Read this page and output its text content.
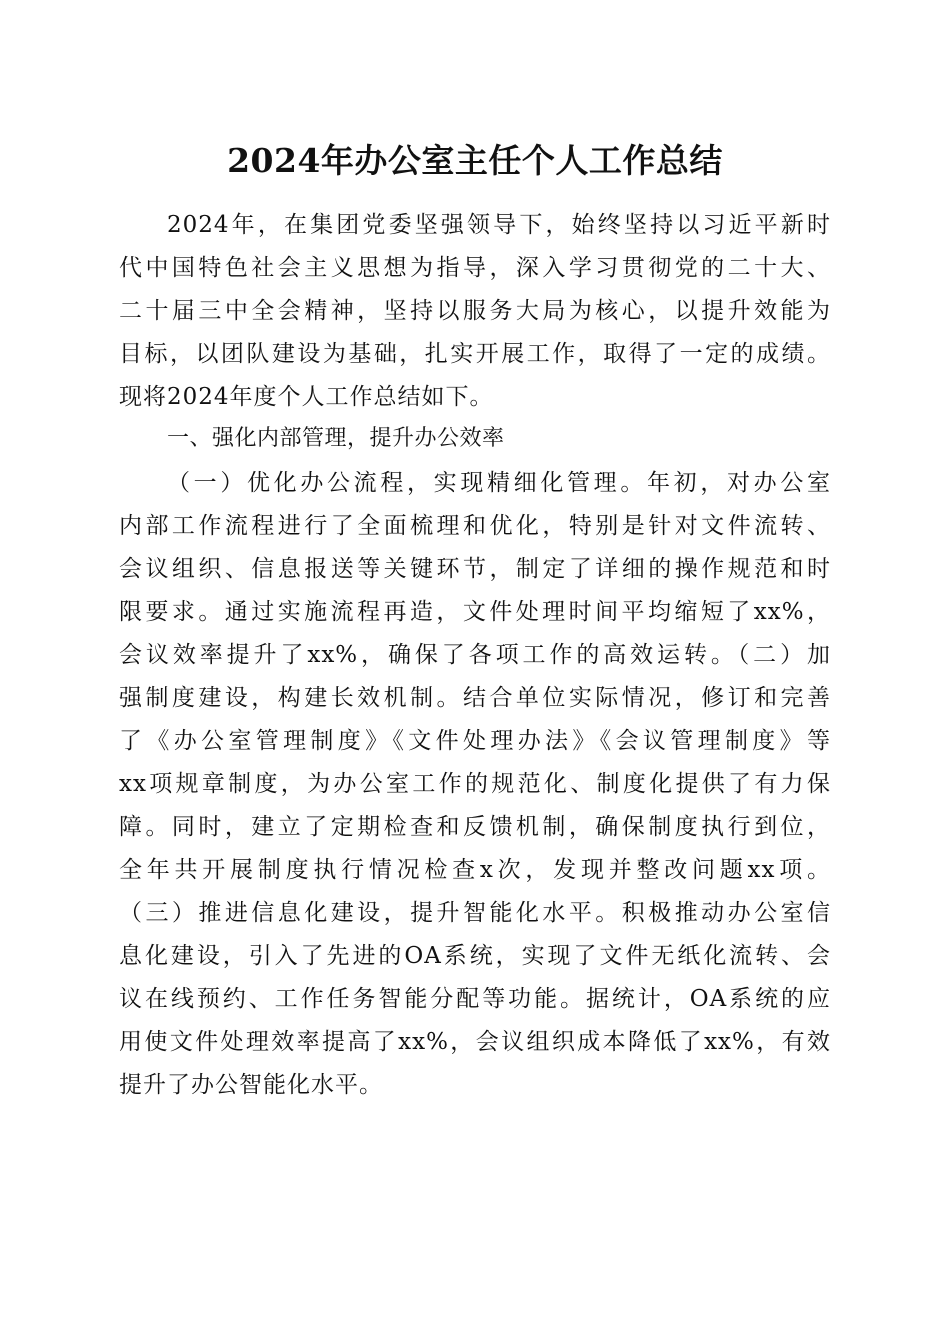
2024年办公室主任个人工作总结
2024年，在集团党委坚强领导下，始终坚持以习近平新时
代中国特色社会主义思想为指导，深入学习贯彻党的二十大、
二十届三中全会精神，坚持以服务大局为核心，以提升效能为
目标，以团队建设为基础，扎实开展工作，取得了一定的成绩。
现将2024年度个人工作总结如下。
一、强化内部管理，提升办公效率
（一）优化办公流程，实现精细化管理。年初，对办公室
内部工作流程进行了全面梳理和优化，特别是针对文件流转、
会议组织、信息报送等关键环节，制定了详细的操作规范和时
限要求。通过实施流程再造，文件处理时间平均缩短了xx%，
会议效率提升了xx%，确保了各项工作的高效运转。（二）加
强制度建设，构建长效机制。结合单位实际情况，修订和完善
了《办公室管理制度》《文件处理办法》《会议管理制度》等
xx项规章制度，为办公室工作的规范化、制度化提供了有力保
障。同时，建立了定期检查和反馈机制，确保制度执行到位，
全年共开展制度执行情况检查x次，发现并整改问题xx项。
（三）推进信息化建设，提升智能化水平。积极推动办公室信
息化建设，引入了先进的OA系统，实现了文件无纸化流转、会
议在线预约、工作任务智能分配等功能。据统计，OA系统的应
用使文件处理效率提高了xx%，会议组织成本降低了xx%，有效
提升了办公智能化水平。
